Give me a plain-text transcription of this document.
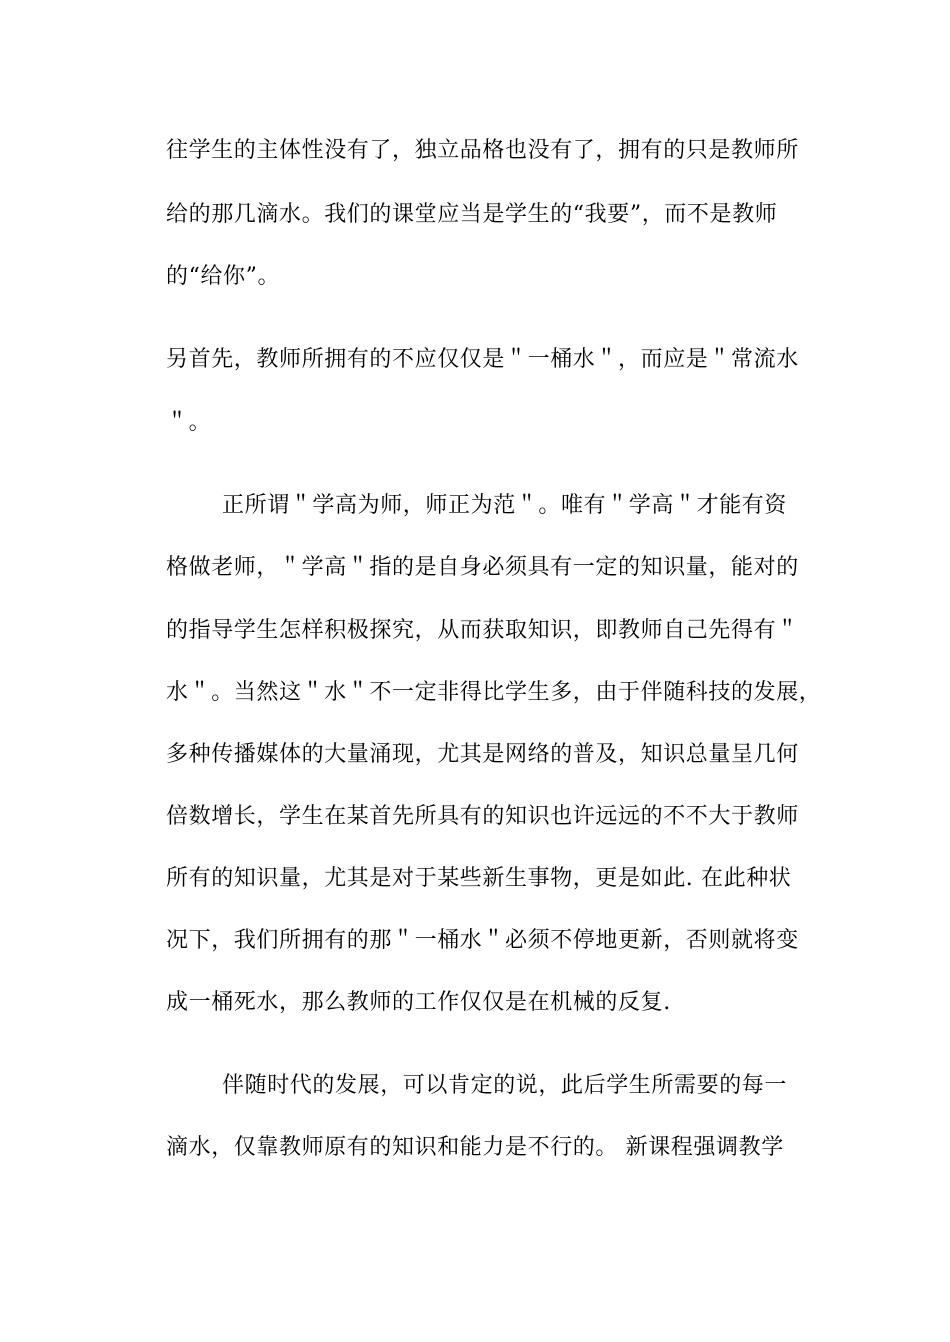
往学生的主体性没有了，独立品格也没有了，拥有的只是教师所
给的那几滴水。我们的课堂应当是学生的“我要”，而不是教师
的“给你”。
另首先，教师所拥有的不应仅仅是＂一桶水＂，而应是＂常流水
＂。
正所谓＂学高为师，师正为范＂。唯有＂学高＂才能有资
格做老师，＂学高＂指的是自身必须具有一定的知识量，能对的
的指导学生怎样积极探究，从而获取知识，即教师自己先得有＂
水＂。当然这＂水＂不一定非得比学生多，由于伴随科技的发展，
多种传播媒体的大量涌现，尤其是网络的普及，知识总量呈几何
倍数增长，学生在某首先所具有的知识也许远远的不不大于教师
所有的知识量，尤其是对于某些新生事物，更是如此. 在此种状
况下，我们所拥有的那＂一桶水＂必须不停地更新，否则就将变
成一桶死水，那么教师的工作仅仅是在机械的反复.
伴随时代的发展，可以肯定的说，此后学生所需要的每一
滴水，仅靠教师原有的知识和能力是不行的。 新课程强调教学
